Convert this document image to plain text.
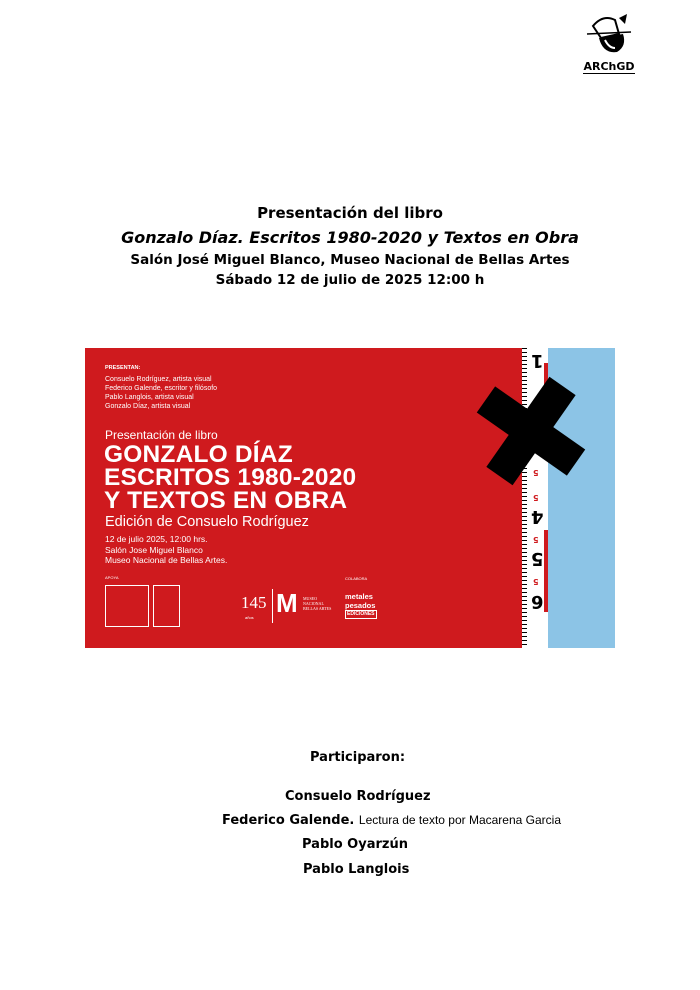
ARChGD
Presentación del libro
Gonzalo Díaz. Escritos 1980-2020 y Textos en Obra
Salón José Miguel Blanco, Museo Nacional de Bellas Artes
Sábado 12 de julio de 2025 12:00 h
PRESENTAN:
Consuelo Rodríguez, artista visual
Federico Galende, escritor y filósofo
Pablo Langlois, artista visual
Gonzalo Díaz, artista visual
Presentación de libro
GONZALO DÍAZ
ESCRITOS 1980-2020
Y TEXTOS EN OBRA
Edición de Consuelo Rodríguez
12 de julio 2025, 12:00 hrs.
Salón Jose Miguel Blanco
Museo Nacional de Bellas Artes.
APOYA
145
años M MUSEO NACIONAL BELLAS ARTES
COLABORA
metales
pesados
EDICIONES
1
5
4
5
5
5
6
5
Participaron:
Consuelo Rodríguez
Federico Galende. Lectura de texto por Macarena Garcia
Pablo Oyarzún
Pablo Langlois
